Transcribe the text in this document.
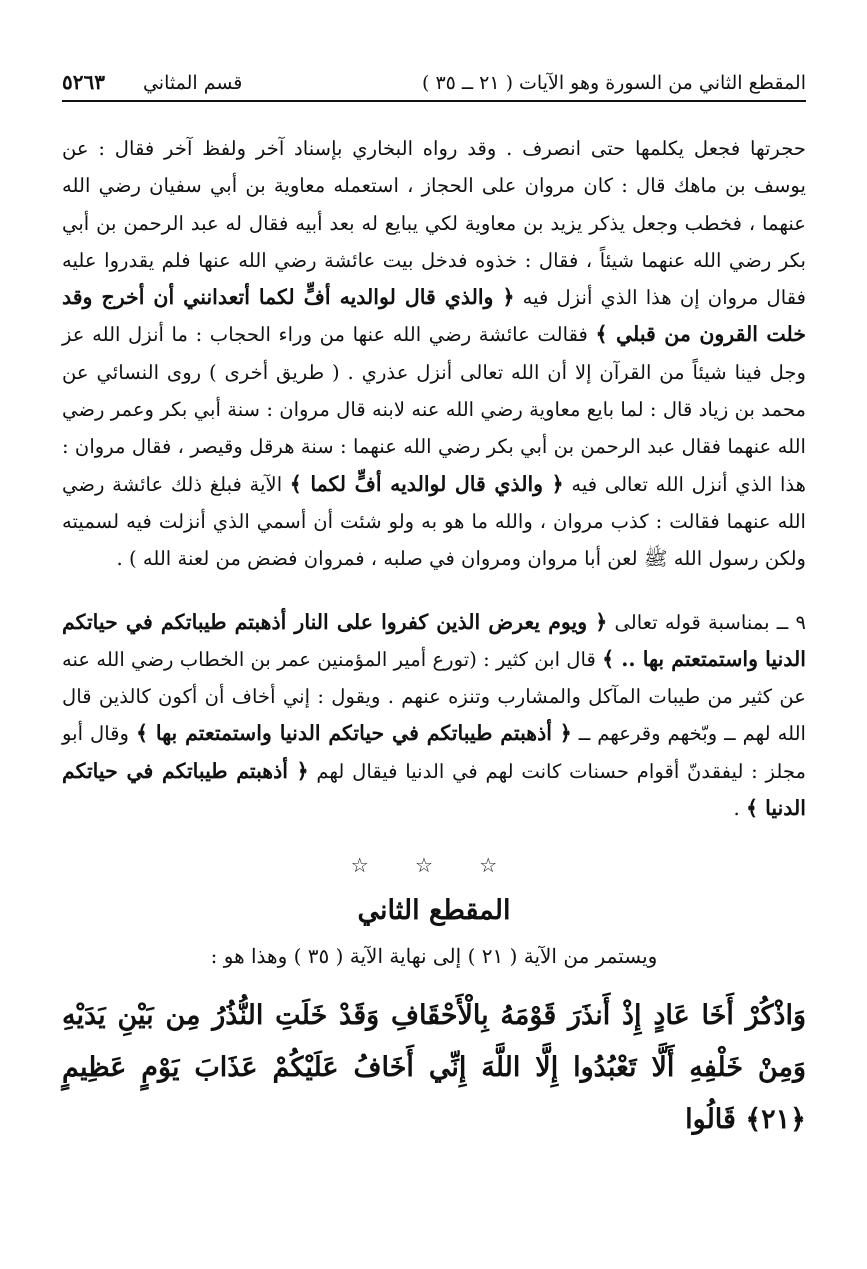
المقطع الثاني من السورة وهو الآيات ( ٢١ ــ ٣٥ )
قسم المثاني
٥٢٦٣

حجرتها فجعل يكلمها حتى انصرف . وقد رواه البخاري بإسناد آخر ولفظ آخر فقال : عن يوسف بن ماهك قال : كان مروان على الحجاز ، استعمله معاوية بن أبي سفيان رضي الله عنهما ، فخطب وجعل يذكر يزيد بن معاوية لكي يبايع له بعد أبيه فقال له عبد الرحمن بن أبي بكر رضي الله عنهما شيئاً ، فقال : خذوه فدخل بيت عائشة رضي الله عنها فلم يقدروا عليه فقال مروان إن هذا الذي أنزل فيه ﴿ والذي قال لوالديه أفٍّ لكما أتعدانني أن أخرج وقد خلت القرون من قبلي ﴾ فقالت عائشة رضي الله عنها من وراء الحجاب : ما أنزل الله عز وجل فينا شيئاً من القرآن إلا أن الله تعالى أنزل عذري . ( طريق أخرى ) روى النسائي عن محمد بن زياد قال : لما بايع معاوية رضي الله عنه لابنه قال مروان : سنة أبي بكر وعمر رضي الله عنهما فقال عبد الرحمن بن أبي بكر رضي الله عنهما : سنة هرقل وقيصر ، فقال مروان : هذا الذي أنزل الله تعالى فيه ﴿ والذي قال لوالديه أفٍّ لكما ﴾ الآية فبلغ ذلك عائشة رضي الله عنهما فقالت : كذب مروان ، والله ما هو به ولو شئت أن أسمي الذي أنزلت فيه لسميته ولكن رسول الله ﷺ لعن أبا مروان ومروان في صلبه ، فمروان فضض من لعنة الله ) .

٩ ــ بمناسبة قوله تعالى ﴿ ويوم يعرض الذين كفروا على النار أذهبتم طيباتكم في حياتكم الدنيا واستمتعتم بها .. ﴾ قال ابن كثير : (تورع أمير المؤمنين عمر بن الخطاب رضي الله عنه عن كثير من طيبات المآكل والمشارب وتنزه عنهم . ويقول : إني أخاف أن أكون كالذين قال الله لهم ــ وبّخهم وقرعهم ــ ﴿ أذهبتم طيباتكم في حياتكم الدنيا واستمتعتم بها ﴾ وقال أبو مجلز : ليفقدنّ أقوام حسنات كانت لهم في الدنيا فيقال لهم ﴿ أذهبتم طيباتكم في حياتكم الدنيا ﴾ .

☆ ☆ ☆
المقطع الثاني
ويستمر من الآية ( ٢١ ) إلى نهاية الآية ( ٣٥ ) وهذا هو :
وَاذْكُرْ أَخَا عَادٍ إِذْ أَنذَرَ قَوْمَهُ بِالْأَحْقَافِ وَقَدْ خَلَتِ النُّذُرُ مِن بَيْنِ يَدَيْهِ وَمِنْ خَلْفِهِ أَلَّا تَعْبُدُوا إِلَّا اللَّهَ إِنِّي أَخَافُ عَلَيْكُمْ عَذَابَ يَوْمٍ عَظِيمٍ ﴿٢١﴾ قَالُوا
